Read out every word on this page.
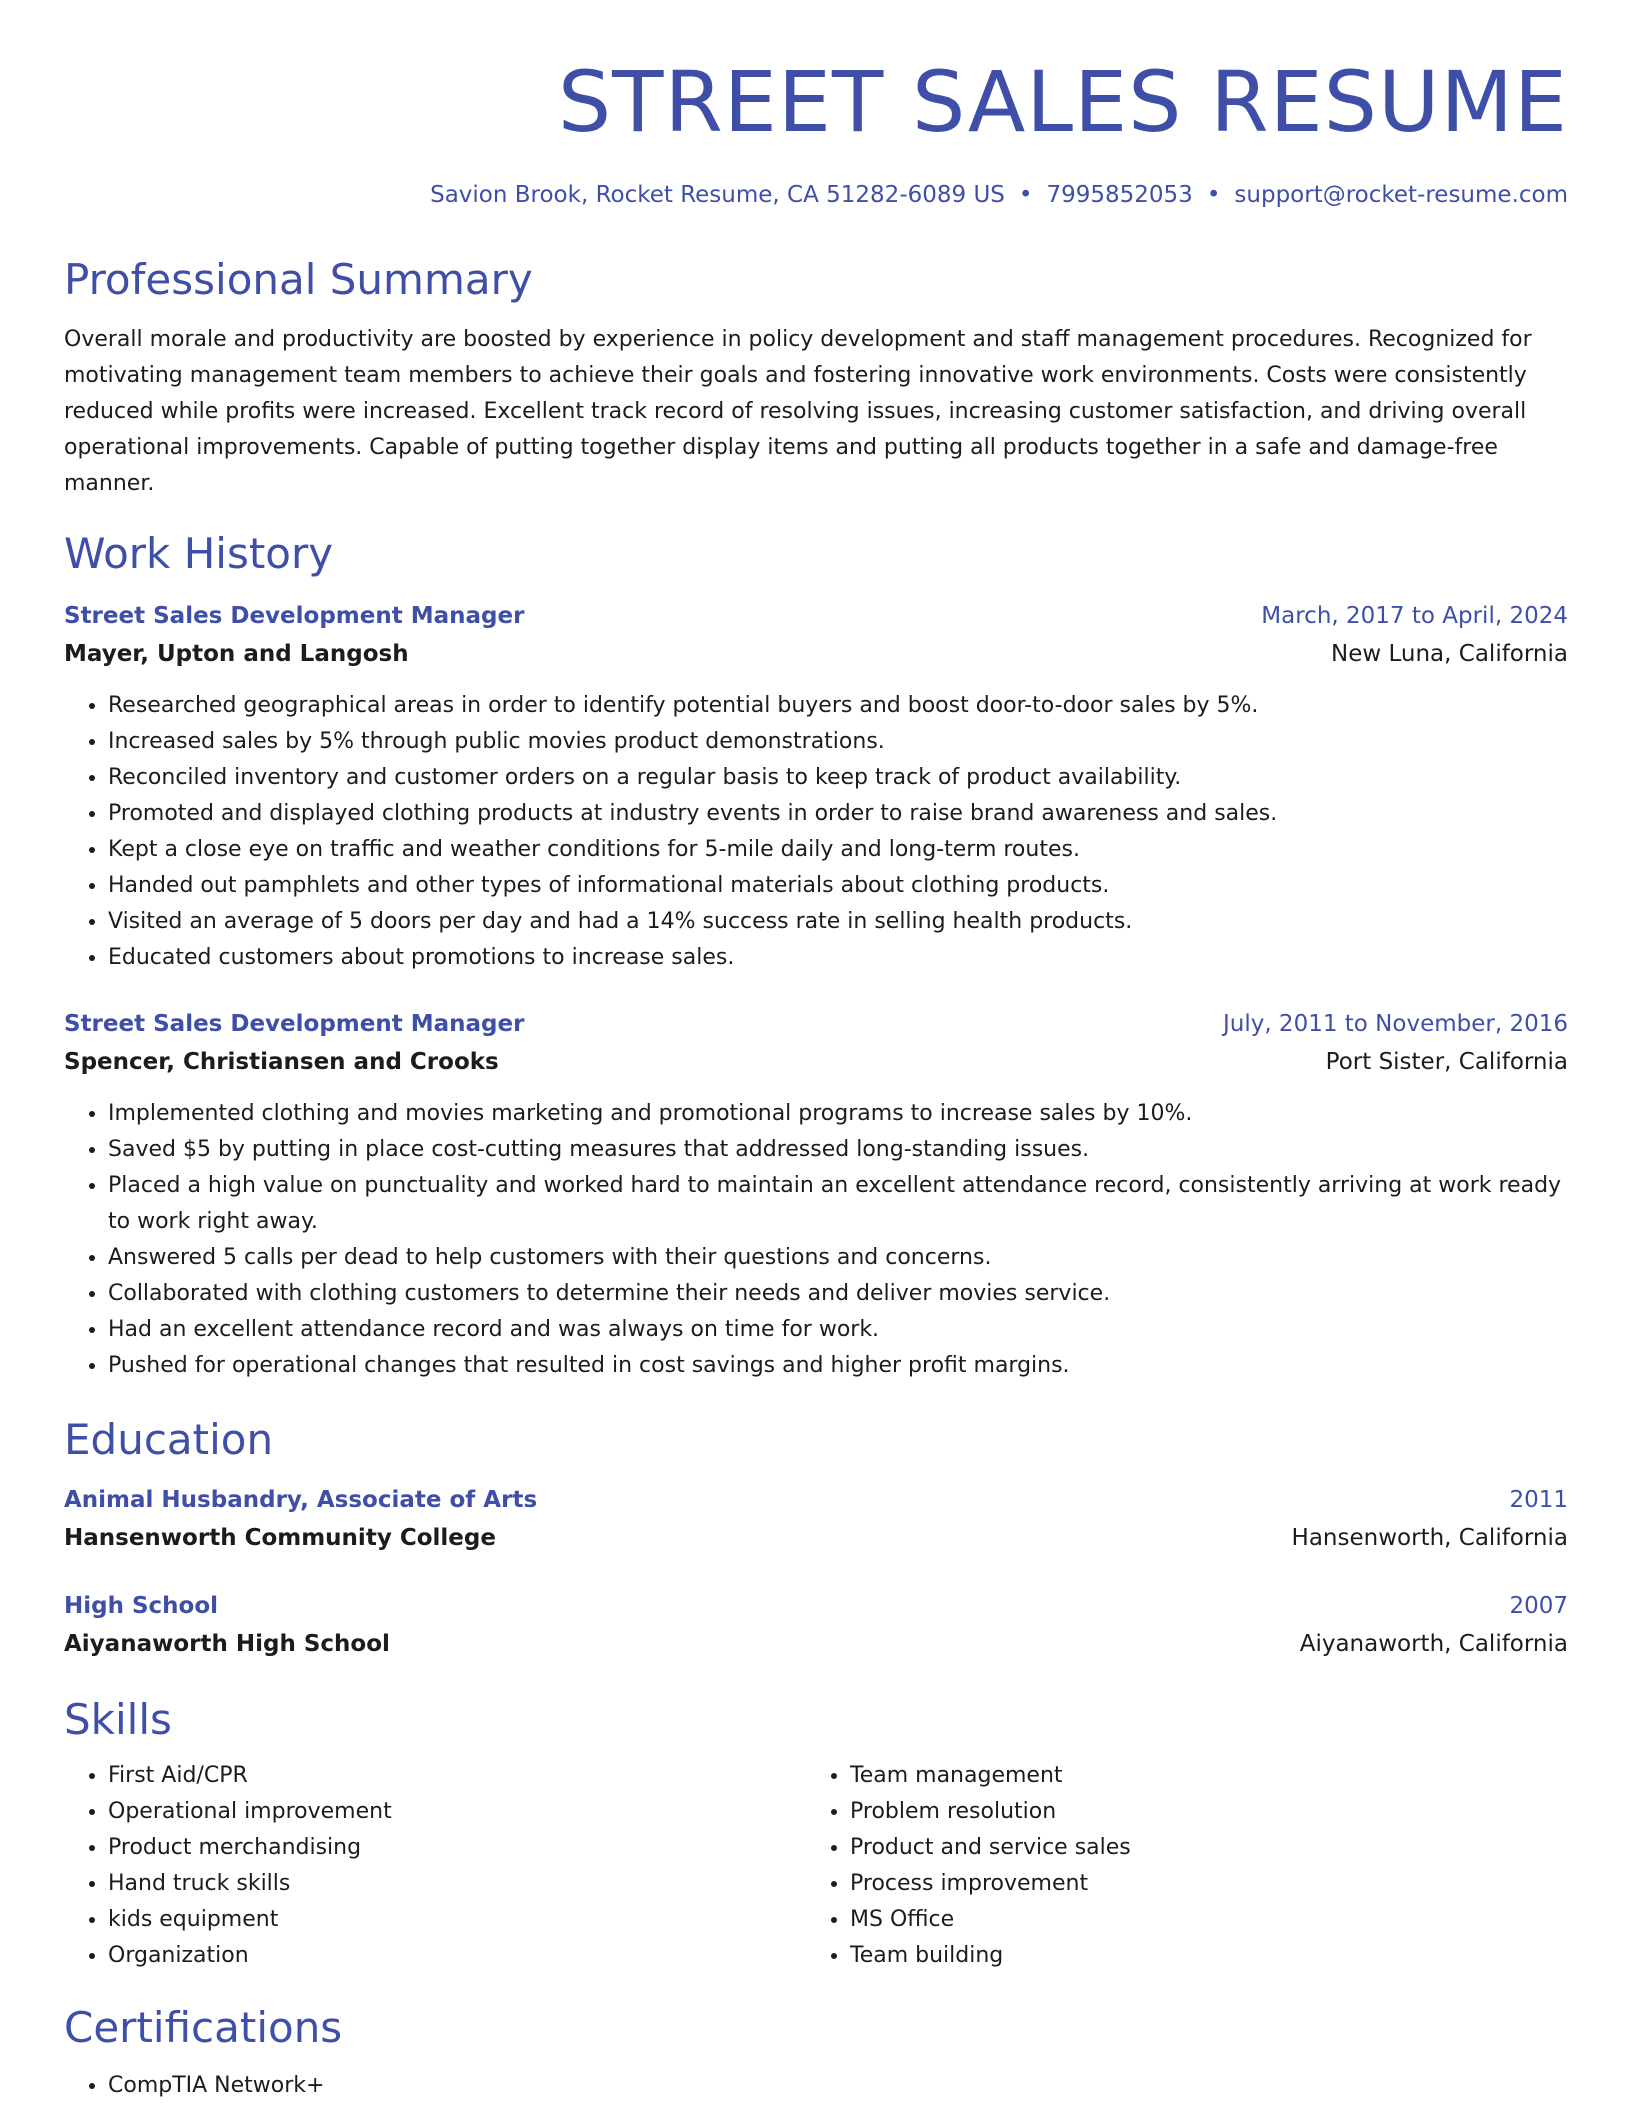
STREET SALES RESUME
Savion Brook, Rocket Resume, CA 51282-6089 US • 7995852053 • support@rocket-resume.com
Professional Summary

Overall morale and productivity are boosted by experience in policy development and staff management procedures. Recognized for motivating management team members to achieve their goals and fostering innovative work environments. Costs were consistently reduced while profits were increased. Excellent track record of resolving issues, increasing customer satisfaction, and driving overall operational improvements. Capable of putting together display items and putting all products together in a safe and damage-free manner.

Work History
Street Sales Development Manager	March, 2017 to April, 2024
Mayer, Upton and Langosh	New Luna, California
• Researched geographical areas in order to identify potential buyers and boost door-to-door sales by 5%.
• Increased sales by 5% through public movies product demonstrations.
• Reconciled inventory and customer orders on a regular basis to keep track of product availability.
• Promoted and displayed clothing products at industry events in order to raise brand awareness and sales.
• Kept a close eye on traffic and weather conditions for 5-mile daily and long-term routes.
• Handed out pamphlets and other types of informational materials about clothing products.
• Visited an average of 5 doors per day and had a 14% success rate in selling health products.
• Educated customers about promotions to increase sales.
Street Sales Development Manager	July, 2011 to November, 2016
Spencer, Christiansen and Crooks	Port Sister, California
• Implemented clothing and movies marketing and promotional programs to increase sales by 10%.
• Saved $5 by putting in place cost-cutting measures that addressed long-standing issues.
• Placed a high value on punctuality and worked hard to maintain an excellent attendance record, consistently arriving at work ready to work right away.
• Answered 5 calls per dead to help customers with their questions and concerns.
• Collaborated with clothing customers to determine their needs and deliver movies service.
• Had an excellent attendance record and was always on time for work.
• Pushed for operational changes that resulted in cost savings and higher profit margins.
Education
Animal Husbandry, Associate of Arts	2011
Hansenworth Community College	Hansenworth, California
High School	2007
Aiyanaworth High School	Aiyanaworth, California
Skills
• First Aid/CPR
• Operational improvement
• Product merchandising
• Hand truck skills
• kids equipment
• Organization
• Team management
• Problem resolution
• Product and service sales
• Process improvement
• MS Office
• Team building
Certifications
• CompTIA Network+
